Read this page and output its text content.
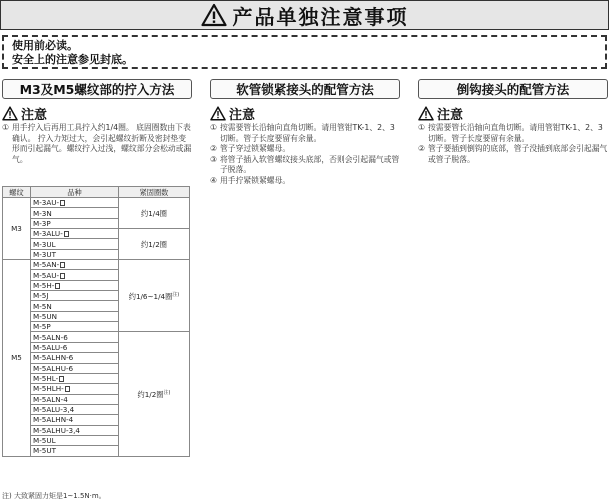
产品单独注意事项
使用前必读。
安全上的注意参见封底。
M3及M5螺纹部的拧入方法
注意
① 用手拧入后再用工具拧入约1/4圈。 底固圈数由下表确认。 拧入力矩过大，会引起螺纹折断及密封垫变形而引起漏气。螺纹拧入过浅，螺纹部分会松动或漏气。
软管锁紧接头的配管方法
注意
① 按需要管长沿轴向直角切断。请用管钳TK-1、2、3切断。管子长度要留有余量。
② 管子穿过锁紧螺母。
③ 将管子插入软管螺纹接头底部，否则会引起漏气或管子脱落。
④ 用手拧紧锁紧螺母。
倒钩接头的配管方法
注意
① 按需要管长沿轴向直角切断。请用管钳TK-1、2、3切断。管子长度要留有余量。
② 管子要插到倒钩的底部，管子没插到底部会引起漏气或管子脱落。
螺纹	品种	紧固圈数
M3	M-3AU-	约1/4圈
	M-3N	
	M-3P	
	M-3ALU-	约1/2圈
	M-3UL	
	M-3UT	
M5	M-5AN-	约1/6~1/4圈$^{注)}$
	M-5AU-	
	M-5H-	
	M-5J	
	M-5N	
	M-5UN	
	M-5P	
	M-5ALN-6	约1/2圈$^{注)}$
	M-5ALU-6	
	M-5ALHN-6	
	M-5ALHU-6	
	M-5HL-	
	M-5HLH-	
	M-5ALN-4	
	M-5ALU-3,4	
	M-5ALHN-4	
	M-5ALHU-3,4	
	M-5UL	
	M-5UT	
注) 大致紧固力矩是1~1.5N·m。
